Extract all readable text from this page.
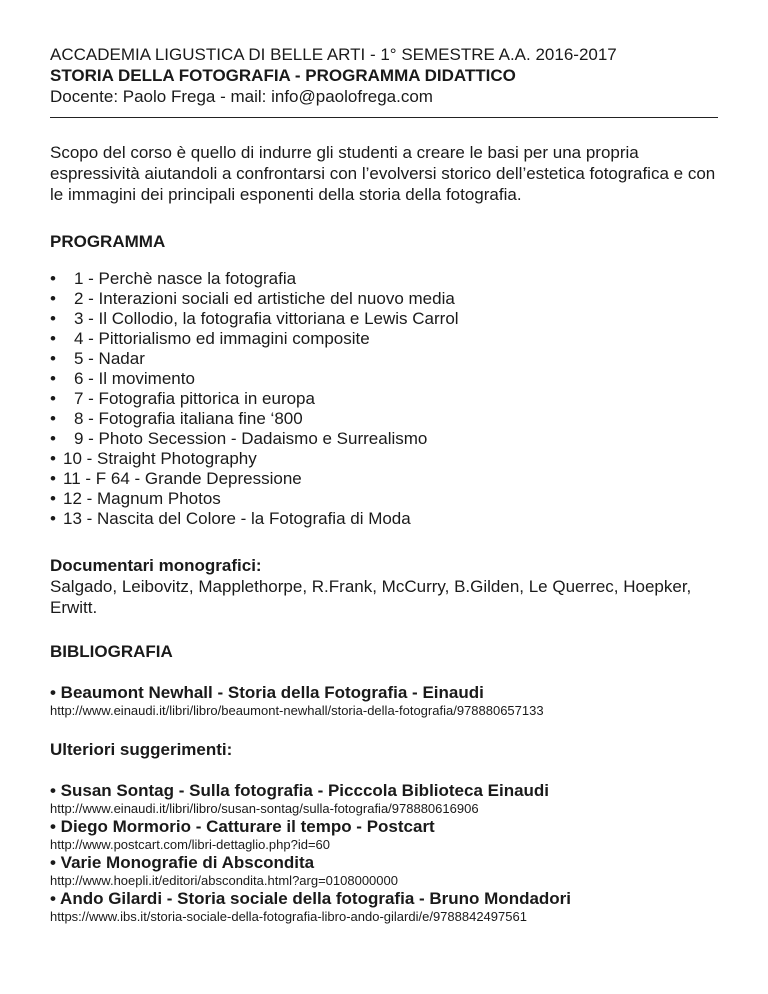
ACCADEMIA LIGUSTICA DI BELLE ARTI - 1° SEMESTRE A.A. 2016-2017
STORIA DELLA FOTOGRAFIA - PROGRAMMA DIDATTICO
Docente: Paolo Frega - mail: info@paolofrega.com
Scopo del corso è quello di indurre gli studenti a creare le basi per una propria espressività aiutandoli a confrontarsi con l’evolversi storico dell’estetica fotografica e con le immagini dei principali esponenti della storia della fotografia.
PROGRAMMA
•	1 - Perchè nasce la fotografia
•	2 - Interazioni sociali ed artistiche del nuovo media
•	3 - Il Collodio, la fotografia vittoriana e Lewis Carrol
•	4 - Pittorialismo ed immagini composite
•	5 - Nadar
•	6 - Il movimento
•	7 - Fotografia pittorica in europa
•	8 - Fotografia italiana fine ‘800
•	9 - Photo Secession - Dadaismo e Surrealismo
• 10 - Straight Photography
• 11 - F 64 - Grande Depressione
• 12 - Magnum Photos
• 13 - Nascita del Colore - la Fotografia di Moda
Documentari monografici:
Salgado, Leibovitz, Mapplethorpe, R.Frank, McCurry, B.Gilden, Le Querrec, Hoepker, Erwitt.
BIBLIOGRAFIA
• Beaumont Newhall - Storia della Fotografia - Einaudi
http://www.einaudi.it/libri/libro/beaumont-newhall/storia-della-fotografia/978880657133
Ulteriori suggerimenti:
• Susan Sontag - Sulla fotografia - Picccola Biblioteca Einaudi
http://www.einaudi.it/libri/libro/susan-sontag/sulla-fotografia/978880616906
• Diego Mormorio - Catturare il tempo - Postcart
http://www.postcart.com/libri-dettaglio.php?id=60
• Varie Monografie di Abscondita
http://www.hoepli.it/editori/abscondita.html?arg=0108000000
• Ando Gilardi - Storia sociale della fotografia - Bruno Mondadori
https://www.ibs.it/storia-sociale-della-fotografia-libro-ando-gilardi/e/9788842497561
